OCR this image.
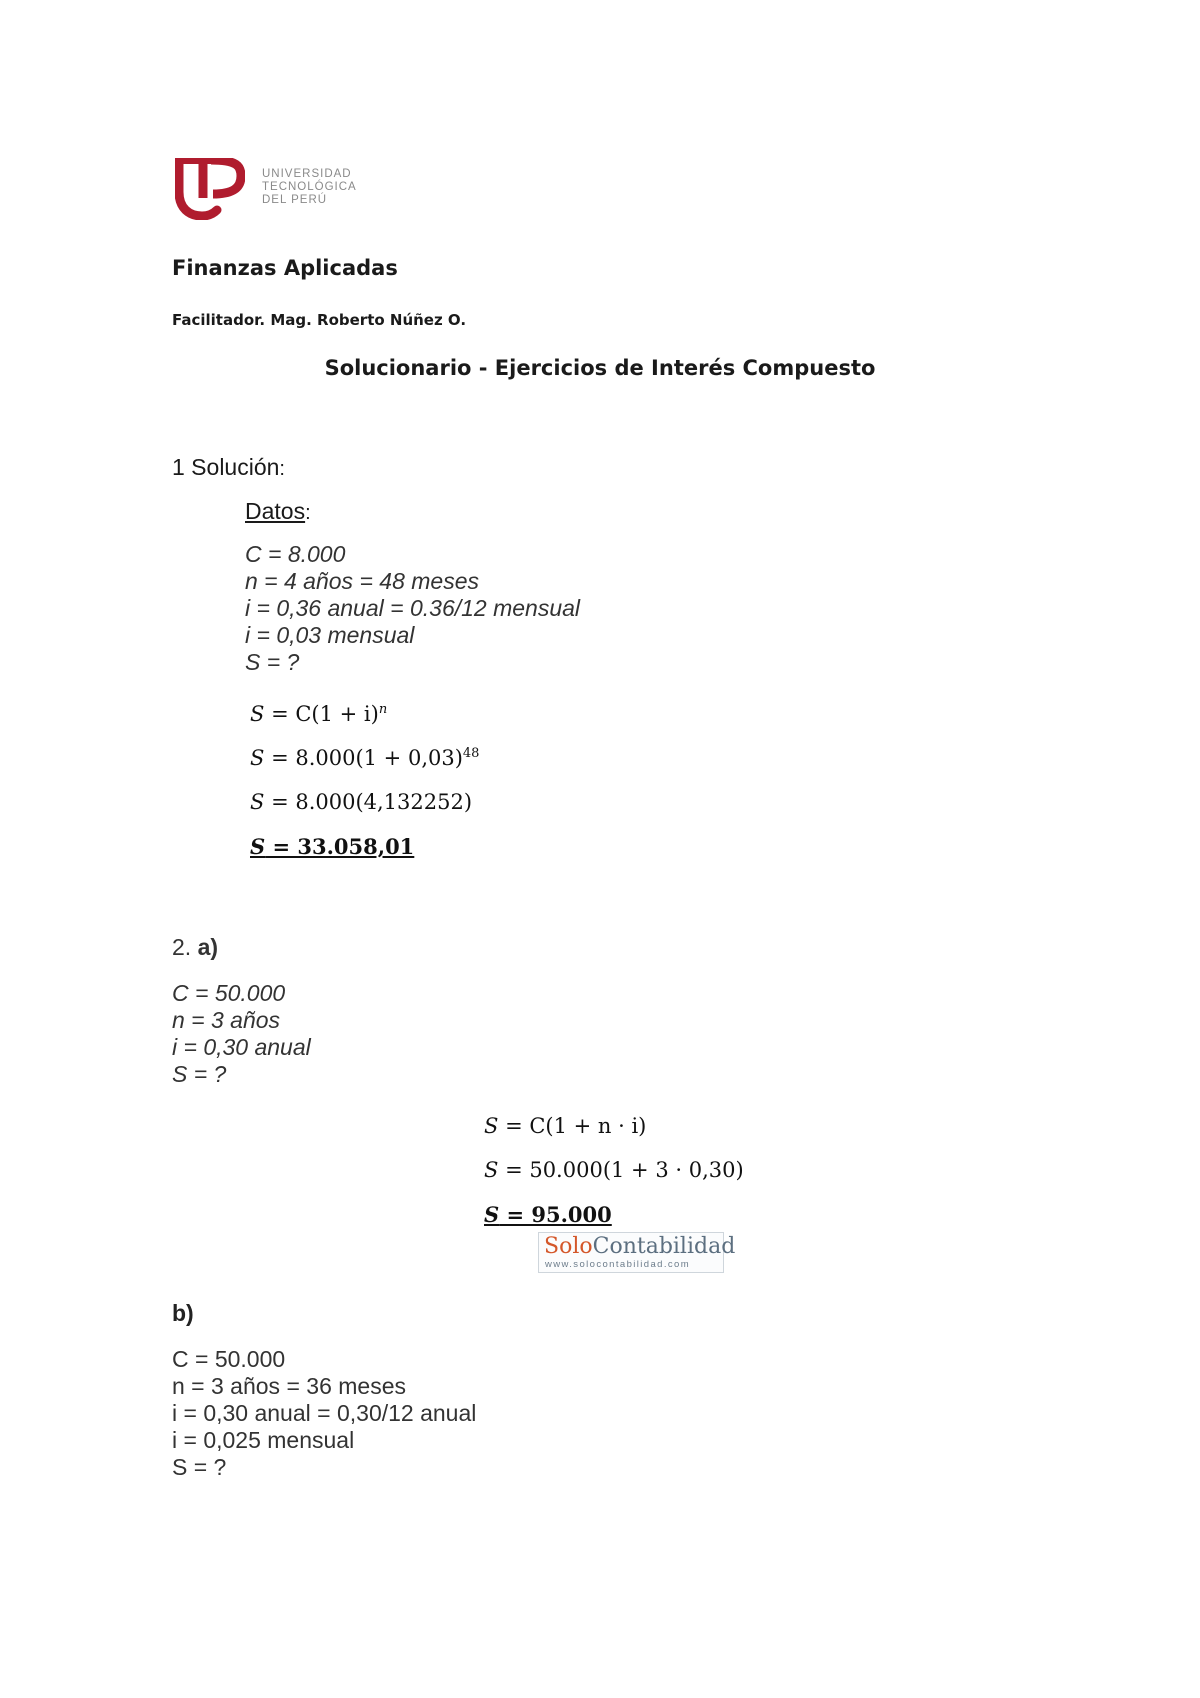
UNIVERSIDAD
TECNOLÓGICA
DEL PERÚ
Finanzas Aplicadas
Facilitador. Mag. Roberto Núñez O.
Solucionario - Ejercicios de Interés Compuesto
1 Solución:
Datos:
C = 8.000
n = 4 años = 48 meses
i = 0,36 anual = 0.36/12 mensual
i = 0,03 mensual
S = ?
$S = C(1 + i)^n$
$S = 8.000(1 + 0,03)^{48}$
S = 8.000(4,132252)
S = 33.058,01
2. a)
C = 50.000
n = 3 años
i = 0,30 anual
S = ?
S = C(1 + n · i)
S = 50.000(1 + 3 · 0,30)
S = 95.000
SoloContabilidad
www.solocontabilidad.com
b)
C = 50.000
n = 3 años = 36 meses
i = 0,30 anual = 0,30/12 anual
i = 0,025 mensual
S = ?
